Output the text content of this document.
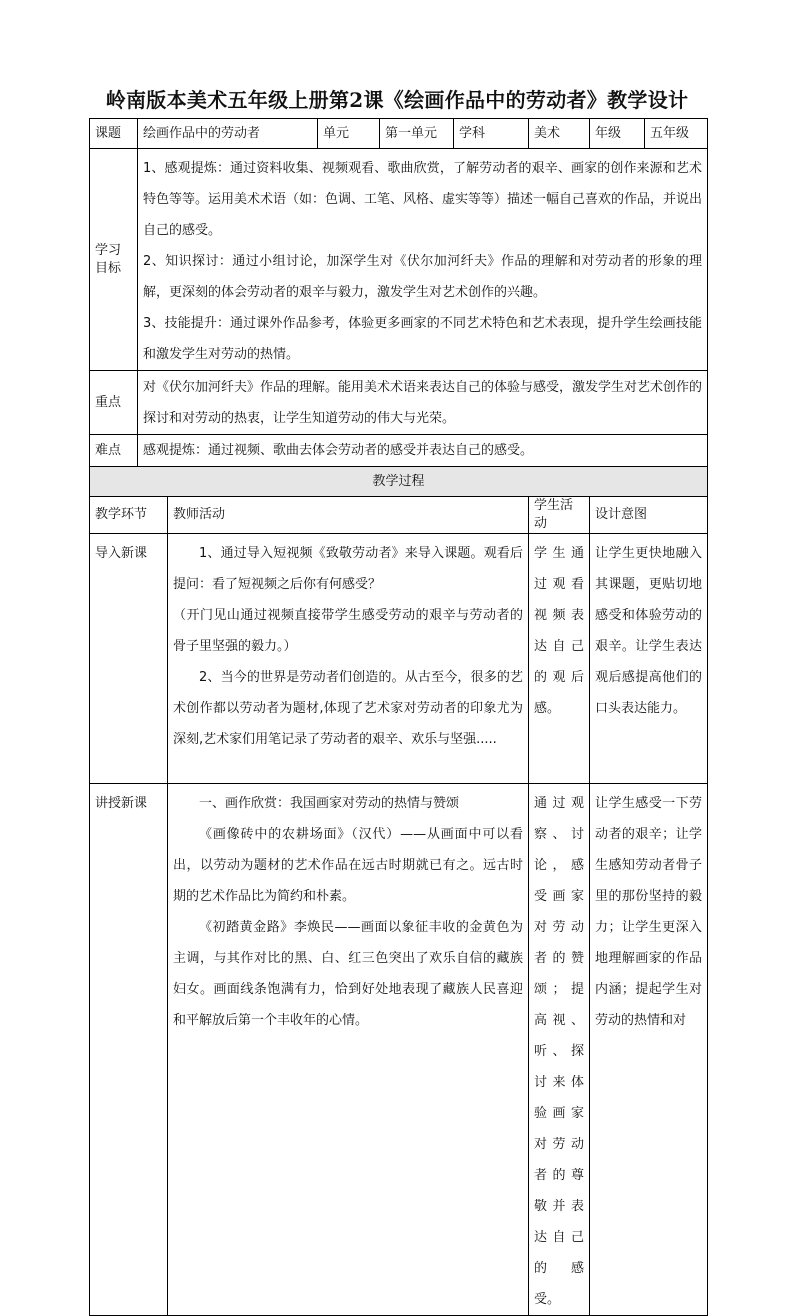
岭南版本美术五年级上册第2课《绘画作品中的劳动者》教学设计
课题	绘画作品中的劳动者		单元	第一单元	学科	美术	年级	五年级
学习
目标	1、感观提炼：通过资料收集、视频观看、歌曲欣赏，了解劳动者的艰辛、画家的创作来源和艺术特色等等。运用美术术语（如：色调、工笔、风格、虚实等等）描述一幅自己喜欢的作品，并说出自己的感受。
2、知识探讨：通过小组讨论，加深学生对《伏尔加河纤夫》作品的理解和对劳动者的形象的理解，更深刻的体会劳动者的艰辛与毅力，激发学生对艺术创作的兴趣。
3、技能提升：通过课外作品参考，体验更多画家的不同艺术特色和艺术表现，提升学生绘画技能和激发学生对劳动的热情。							

重点	对《伏尔加河纤夫》作品的理解。能用美术术语来表达自己的体验与感受，激发学生对艺术创作的探讨和对劳动的热衷，让学生知道劳动的伟大与光荣。							

难点	感观提炼：通过视频、歌曲去体会劳动者的感受并表达自己的感受。							
教学过程								
教学环节		教师活动				学生活动	设计意图	

导入新课		1、通过导入短视频《致敬劳动者》来导入课题。观看后提问：看了短视频之后你有何感受？
（开门见山通过视频直接带学生感受劳动的艰辛与劳动者的骨子里坚强的毅力。）
2、当今的世界是劳动者们创造的。从古至今，很多的艺术创作都以劳动者为题材,体现了艺术家对劳动者的印象尤为深刻,艺术家们用笔记录了劳动者的艰辛、欢乐与坚强.....				学生通过观看视频表达自己的观后感。	让学生更快地融入其课题，更贴切地感受和体验劳动的艰辛。让学生表达观后感提高他们的口头表达能力。	

讲授新课		一、画作欣赏：我国画家对劳动的热情与赞颂
《画像砖中的农耕场面》（汉代）——从画面中可以看出，以劳动为题材的艺术作品在远古时期就已有之。远古时期的艺术作品比为简约和朴素。
《初踏黄金路》李焕民——画面以象征丰收的金黄色为主调，与其作对比的黑、白、红三色突出了欢乐自信的藏族妇女。画面线条饱满有力，恰到好处地表现了藏族人民喜迎和平解放后第一个丰收年的心情。				通过观察、讨论，感受画家对劳动者的赞颂；提高视、听、探讨来体验画家对劳动者的尊敬并表达自己的感受。	让学生感受一下劳动者的艰辛；让学生感知劳动者骨子里的那份坚持的毅力；让学生更深入地理解画家的作品内涵；提起学生对劳动的热情和对	
